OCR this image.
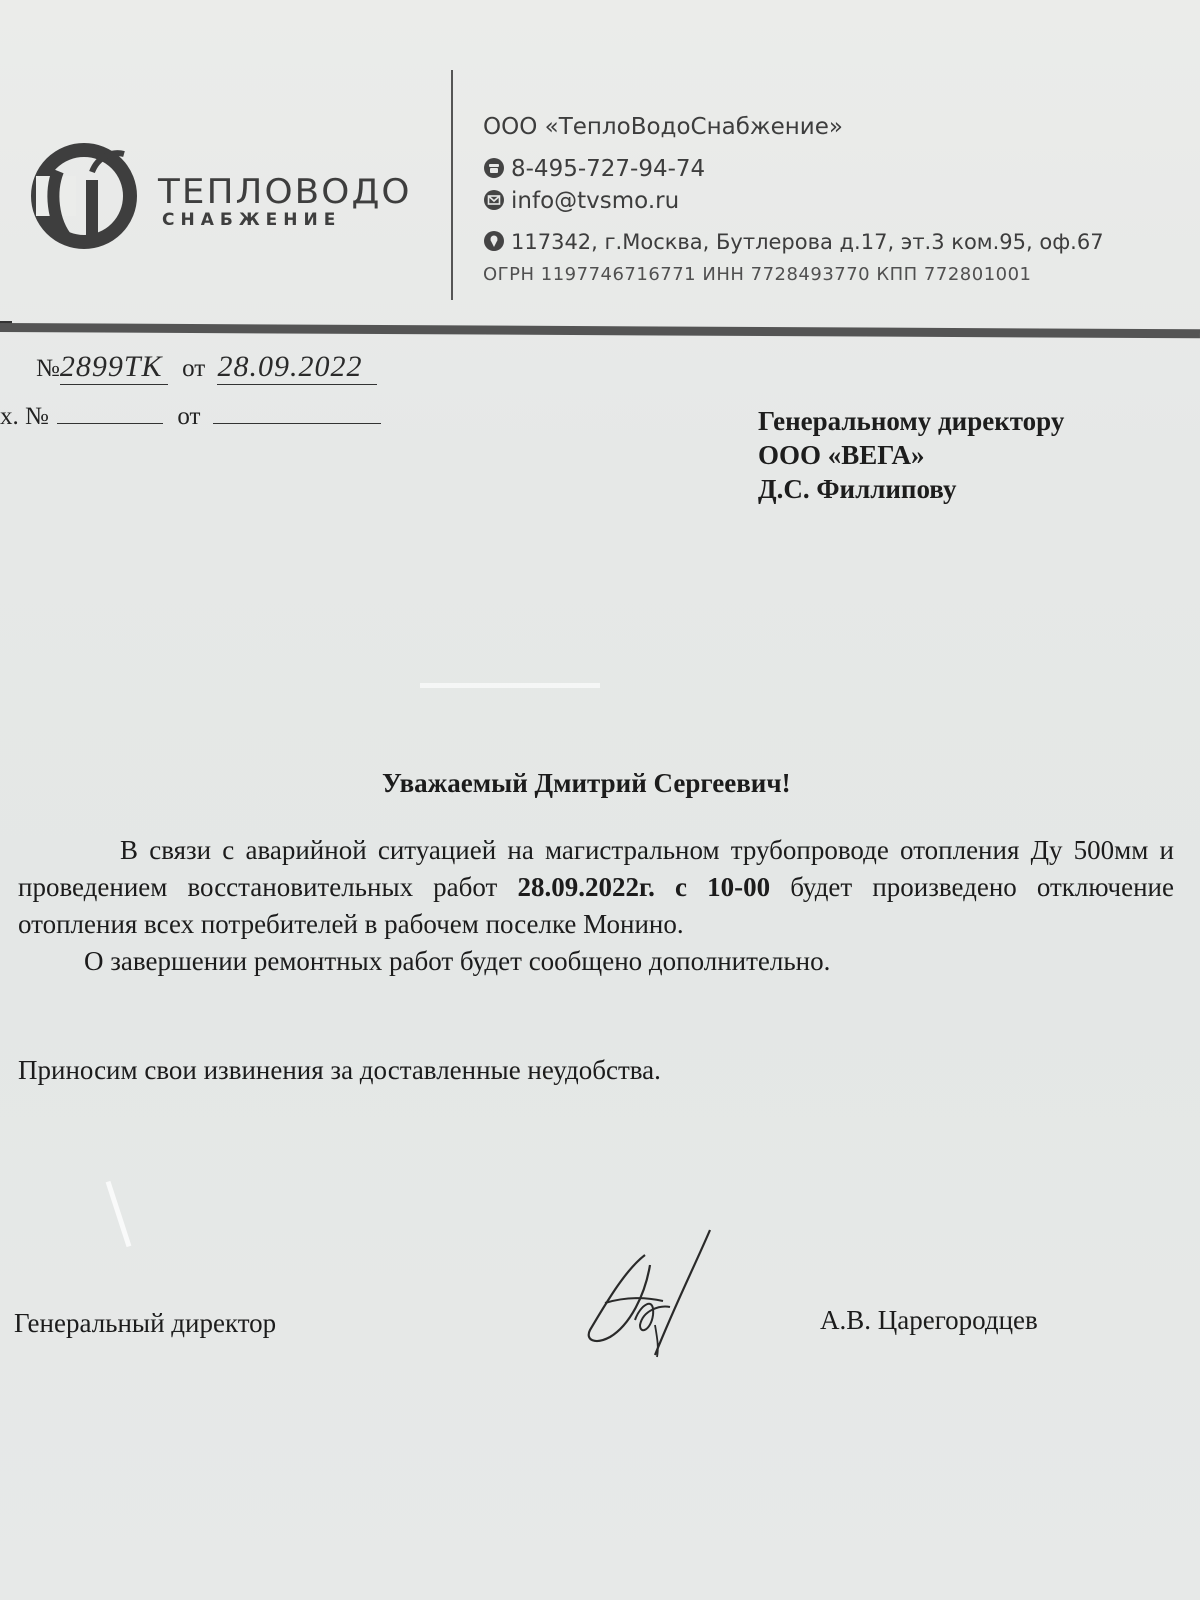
ТЕПЛОВОДО
СНАБЖЕНИЕ
ООО «ТеплоВодоСнабжение»
8-495-727-94-74
info@tvsmo.ru
117342, г.Москва, Бутлерова д.17, эт.3 ком.95, оф.67
ОГРН 1197746716771 ИНН 7728493770 КПП 772801001
№2899ТК от 28.09.2022
х. №	от	Генеральному директору
ООО «ВЕГА»
Д.С. Филлипову
Уважаемый Дмитрий Сергеевич!
В связи с аварийной ситуацией на магистральном трубопроводе отопления Ду 500мм и проведением восстановительных работ 28.09.2022г. с 10-00 будет произведено отключение отопления всех потребителей в рабочем поселке Монино.
О завершении ремонтных работ будет сообщено дополнительно.
Приносим свои извинения за доставленные неудобства.
Генеральный директор	А.В. Царегородцев
